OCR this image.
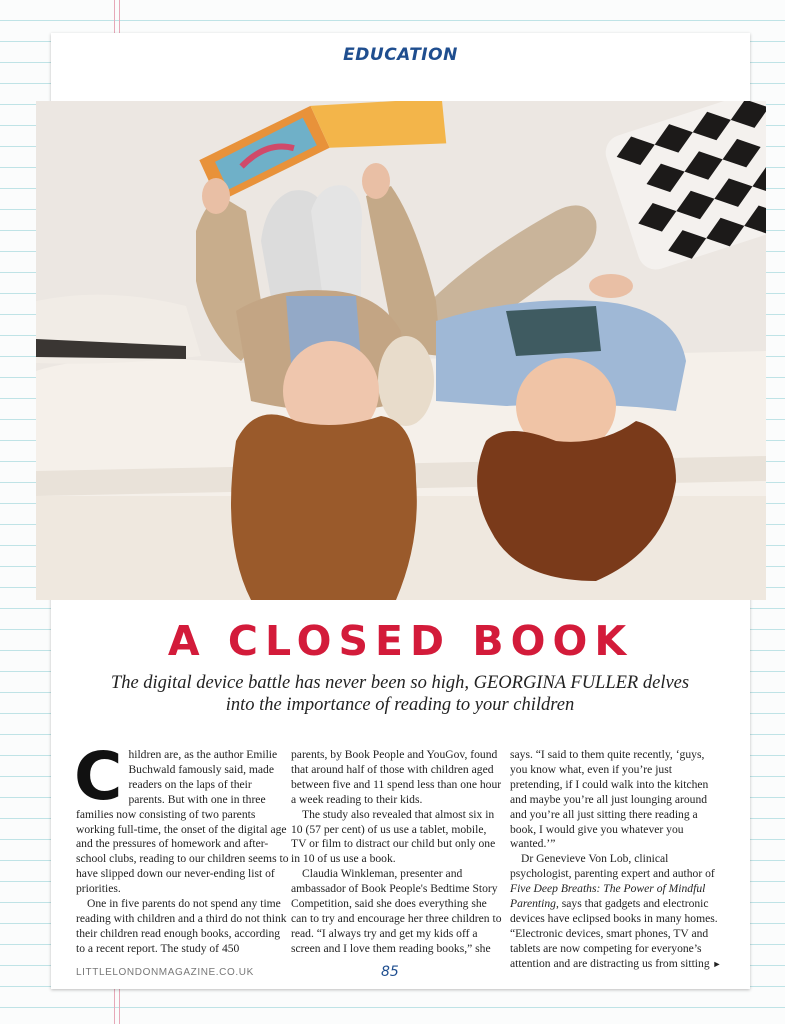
EDUCATION
LITTLELONDONMAGAZINE.CO.UK	85
A CLOSED BOOK

The digital device battle has never been so high, GEORGINA FULLER delves into the importance of reading to your children

Children are, as the author Emilie Buchwald famously said, made readers on the laps of their parents. But with one in three families now consisting of two parents working full-time, the onset of the digital age and the pressures of homework and after-school clubs, reading to our children seems to have slipped down our never-ending list of priorities.

One in five parents do not spend any time reading with children and a third do not think their children read enough books, according to a recent report. The study of 450

parents, by Book People and YouGov, found that around half of those with children aged between five and 11 spend less than one hour a week reading to their kids.

The study also revealed that almost six in 10 (57 per cent) of us use a tablet, mobile, TV or film to distract our child but only one in 10 of us use a book.

Claudia Winkleman, presenter and ambassador of Book People's Bedtime Story Competition, said she does everything she can to try and encourage her three children to read. “I always try and get my kids off a screen and I love them reading books,” she

says. “I said to them quite recently, ‘guys, you know what, even if you’re just pretending, if I could walk into the kitchen and maybe you’re all just lounging around and you’re all just sitting there reading a book, I would give you whatever you wanted.’”

Dr Genevieve Von Lob, clinical psychologist, parenting expert and author of Five Deep Breaths: The Power of Mindful Parenting, says that gadgets and electronic devices have eclipsed books in many homes. “Electronic devices, smart phones, TV and tablets are now competing for everyone’s attention and are distracting us from sitting ►
